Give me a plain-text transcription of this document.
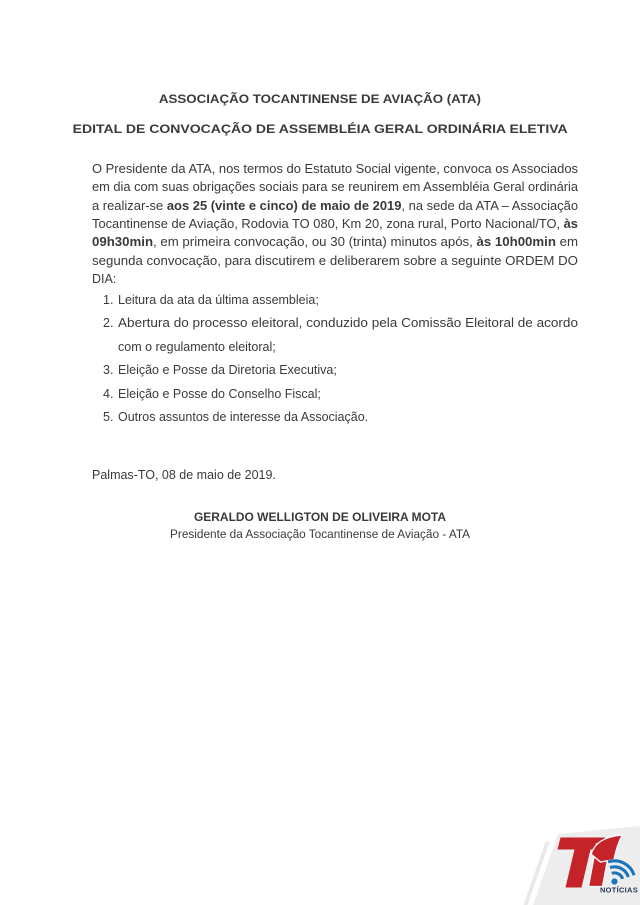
ASSOCIAÇÃO TOCANTINENSE DE AVIAÇÃO (ATA)
EDITAL DE CONVOCAÇÃO DE ASSEMBLÉIA GERAL ORDINÁRIA ELETIVA
O Presidente da ATA, nos termos do Estatuto Social vigente, convoca os Associados
em dia com suas obrigações sociais para se reunirem em Assembléia Geral ordinária
a realizar-se aos 25 (vinte e cinco) de maio de 2019, na sede da ATA – Associação
Tocantinense de Aviação, Rodovia TO 080, Km 20, zona rural, Porto Nacional/TO, às
09h30min, em primeira convocação, ou 30 (trinta) minutos após, às 10h00min em
segunda convocação, para discutirem e deliberarem sobre a seguinte ORDEM DO
DIA:
1. Leitura da ata da última assembleia;
2. Abertura do processo eleitoral, conduzido pela Comissão Eleitoral de acordo
com o regulamento eleitoral;
3. Eleição e Posse da Diretoria Executiva;
4. Eleição e Posse do Conselho Fiscal;
5. Outros assuntos de interesse da Associação.
Palmas-TO, 08 de maio de 2019.
GERALDO WELLIGTON DE OLIVEIRA MOTA
Presidente da Associação Tocantinense de Aviação - ATA
NOTÍCIAS
